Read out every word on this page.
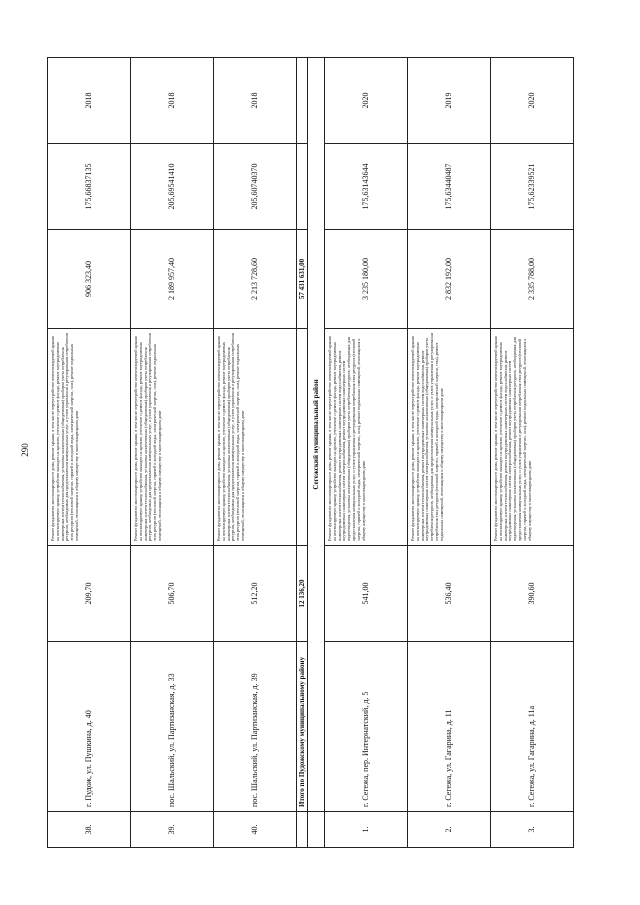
290
38.	г. Пудож, ул. Пушкина, д. 40	209,70	Ремонт фундамента многоквартирного дома, ремонт крыши, в том числе переустройство невентилируемой крыши на вентилируемую крышу, устройство выходов на кровлю, утепление и ремонт фасада, ремонт внутридомовых инженерных систем теплоснабжения, установка коллективных (общедомовых) приборов учета потребления ресурсов, необходимых для предоставления коммунальных услуг, и узлов управления и регулирования потребления этих ресурсов (тепловой энергии, горячей и холодной воды, электрической энергии, газа), ремонт подвальных помещений, относящихся к общему имуществу в многоквартирном доме	906 323,40	175,66837135	2018
39.	пос. Шальский, ул. Партизанская, д. 33	506,70	Ремонт фундамента многоквартирного дома, ремонт крыши, в том числе переустройство невентилируемой крыши на вентилируемую крышу, устройство выходов на кровлю, утепление и ремонт фасада, ремонт внутридомовых инженерных систем теплоснабжения, установка коллективных (общедомовых) приборов учета потребления ресурсов, необходимых для предоставления коммунальных услуг, и узлов управления и регулирования потребления этих ресурсов (тепловой энергии, горячей и холодной воды, электрической энергии, газа), ремонт подвальных помещений, относящихся к общему имуществу в многоквартирном доме	2 189 957,40	205,69541410	2018
40.	пос. Шальский, ул. Партизанская, д. 39	512,20	Ремонт фундамента многоквартирного дома, ремонт крыши, в том числе переустройство невентилируемой крыши на вентилируемую крышу, устройство выходов на кровлю, утепление и ремонт фасада, ремонт внутридомовых инженерных систем теплоснабжения, установка коллективных (общедомовых) приборов учета потребления ресурсов, необходимых для предоставления коммунальных услуг, и узлов управления и регулирования потребления этих ресурсов (тепловой энергии, горячей и холодной воды, электрической энергии, газа), ремонт подвальных помещений, относящихся к общему имуществу в многоквартирном доме	2 213 728,60	205,60740370	2018
	Итого по Пудожскому муниципальному району	12 136,20		57 431 631,00		
	Сегежский муниципальный район					
1.	г. Сегежа, пер. Интернатский, д. 5	541,00	Ремонт фундамента многоквартирного дома, ремонт крыши, в том числе переустройство невентилируемой крыши на вентилируемую крышу, устройство выходов на кровлю, утепление и ремонт фасада, ремонт внутридомовых инженерных систем теплоснабжения, ремонт внутридомовых инженерных систем водоснабжения, ремонт внутридомовых инженерных систем электроснабжения, ремонт внутридомовых инженерных систем водоотведения, установка коллективных (общедомовых) приборов учета потребления ресурсов, необходимых для предоставления коммунальных услуг, и узлов управления и регулирования потребления этих ресурсов (тепловой энергии, горячей и холодной воды, электрической энергии, газа), ремонт подвальных помещений, относящихся к общему имуществу в многоквартирном доме	3 235 180,00	175,63143644	2020
2.	г. Сегежа, ул. Гагарина, д. 11	536,40	Ремонт фундамента многоквартирного дома, ремонт крыши, в том числе переустройство невентилируемой крыши на вентилируемую крышу, устройство выходов на кровлю, утепление и ремонт фасада, ремонт внутридомовых инженерных систем теплоснабжения, ремонт внутридомовых инженерных систем водоснабжения, ремонт внутридомовых инженерных систем электроснабжения, установка коллективных (общедомовых) приборов учета потребления ресурсов, необходимых для предоставления коммунальных услуг, и узлов управления и регулирования потребления этих ресурсов (тепловой энергии, горячей и холодной воды, электрической энергии, газа), ремонт подвальных помещений, относящихся к общему имуществу в многоквартирном доме	2 832 192,00	175,63440487	2019
3.	г. Сегежа, ул. Гагарина, д. 11а	390,60	Ремонт фундамента многоквартирного дома, ремонт крыши, в том числе переустройство невентилируемой крыши на вентилируемую крышу, устройство выходов на кровлю, утепление и ремонт фасада, ремонт внутридомовых инженерных систем теплоснабжения, ремонт внутридомовых инженерных систем водоснабжения, ремонт внутридомовых инженерных систем электроснабжения, ремонт внутридомовых инженерных систем водоотведения, установка коллективных (общедомовых) приборов учета потребления ресурсов, необходимых для предоставления коммунальных услуг, и узлов управления и регулирования потребления этих ресурсов (тепловой энергии, горячей и холодной воды, электрической энергии, газа), ремонт подвальных помещений, относящихся к общему имуществу в многоквартирном доме	2 335 788,00	175,62339521	2020
